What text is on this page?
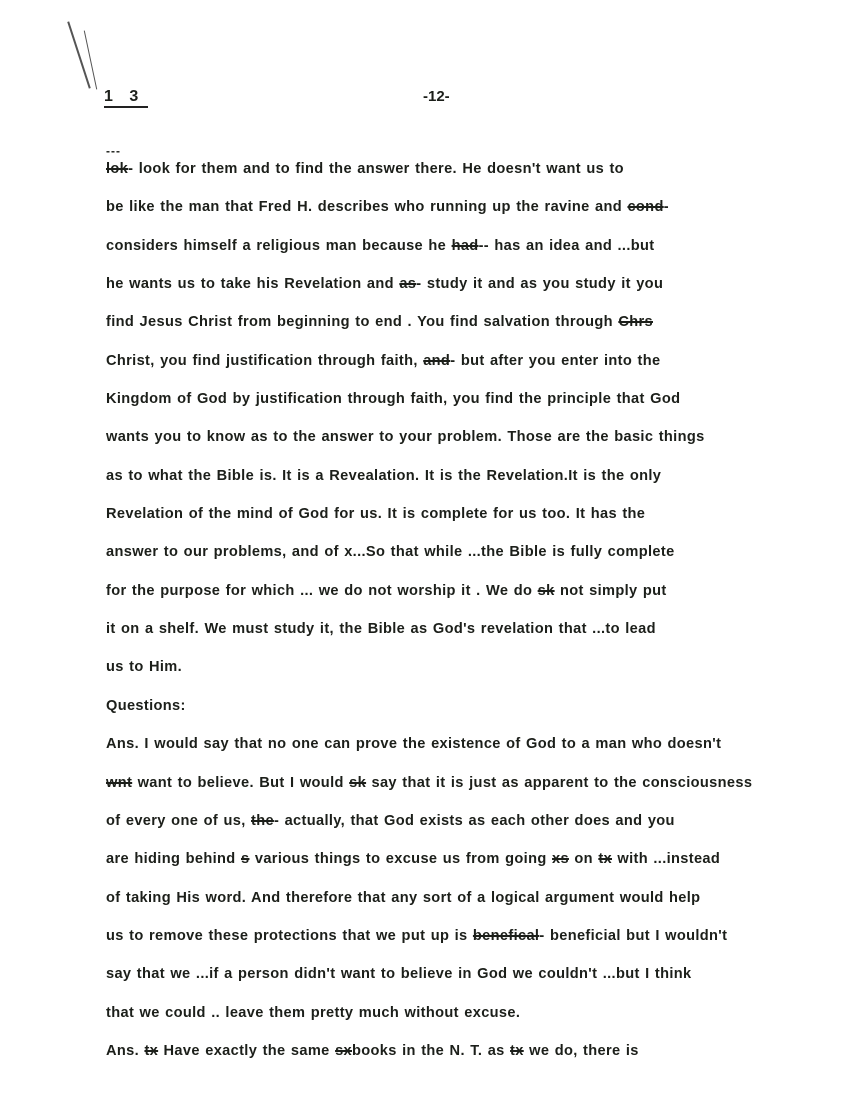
1 3	-12-
---
lok- look for them and to find the answer there. He doesn't want us to
be like the man that Fred H. describes who running up the ravine and cond-
considers himself a religious man because he had-- has an idea and ...but
he wants us to take his Revelation and as- study it and as you study it you
find Jesus Christ from beginning to end . You find salvation through Chrs
Christ, you find justification through faith, and- but after you enter into the
Kingdom of God by justification through faith, you find the principle that God
wants you to know as to the answer to your problem. Those are the basic things
as to what the Bible is. It is a Revealation. It is the Revelation.It is the only
Revelation of the mind of God for us. It is complete for us too. It has the
answer to our problems, and of x...So that while ...the Bible is fully complete
for the purpose for which ... we do not worship it . We do sk not simply put
it on a shelf. We must study it, the Bible as God's revelation that ...to lead
us to Him.
Questions:
Ans. I would say that no one can prove the existence of God to a man who doesn't
wnt want to believe. But I would sk say that it is just as apparent to the consciousness
of every one of us, the- actually, that God exists as each other does and you
are hiding behind s various things to excuse us from going xs on tx with ...instead
of taking His word. And therefore that any sort of a logical argument would help
us to remove these protections that we put up is benefical- beneficial but I wouldn't
say that we ...if a person didn't want to believe in God we couldn't ...but I think
that we could .. leave them pretty much without excuse.
Ans. tx Have exactly the same sxbooks in the N. T. as tx we do, there is
